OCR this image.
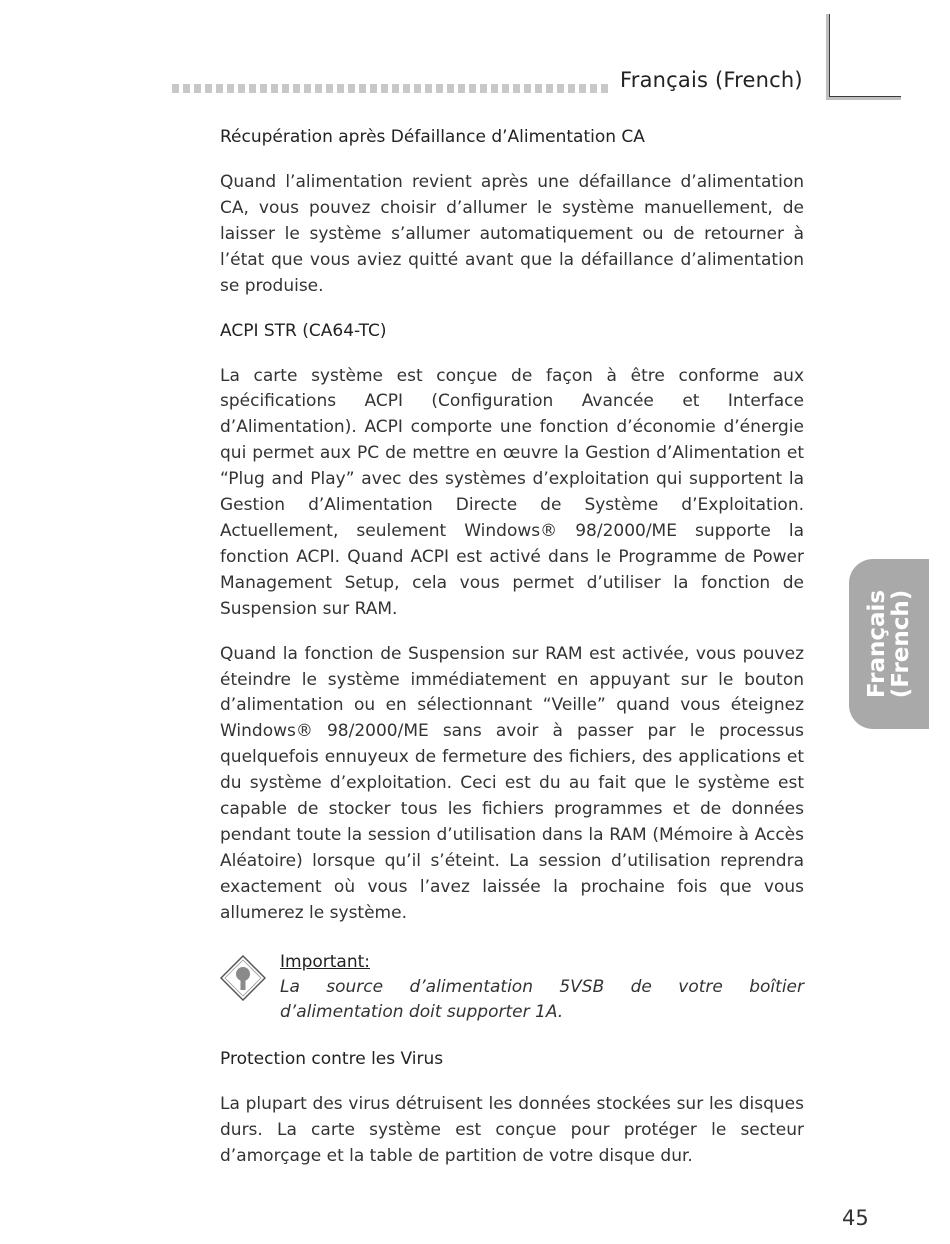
Français (French)
Récupération après Défaillance d’Alimentation CA

Quand l’alimentation revient après une défaillance d’alimentation CA, vous pouvez choisir d’allumer le système manuellement, de laisser le système s’allumer automatiquement ou de retourner à l’état que vous aviez quitté avant que la défaillance d’alimentation se produise.

ACPI STR (CA64-TC)

La carte système est conçue de façon à être conforme aux spécifications ACPI (Configuration Avancée et Interface d’Alimentation). ACPI comporte une fonction d’économie d’énergie qui permet aux PC de mettre en œuvre la Gestion d’Alimentation et “Plug and Play” avec des systèmes d’exploitation qui supportent la Gestion d’Alimentation Directe de Système d’Exploitation. Actuellement, seulement Windows® 98/2000/ME supporte la fonction ACPI. Quand ACPI est activé dans le Programme de Power Management Setup, cela vous permet d’utiliser la fonction de Suspension sur RAM.

Quand la fonction de Suspension sur RAM est activée, vous pouvez éteindre le système immédiatement en appuyant sur le bouton d’alimentation ou en sélectionnant “Veille” quand vous éteignez Windows® 98/2000/ME sans avoir à passer par le processus quelquefois ennuyeux de fermeture des fichiers, des applications et du système d’exploitation. Ceci est du au fait que le système est capable de stocker tous les fichiers programmes et de données pendant toute la session d’utilisation dans la RAM (Mémoire à Accès Aléatoire) lorsque qu’il s’éteint. La session d’utilisation reprendra exactement où vous l’avez laissée la prochaine fois que vous allumerez le système.

Important:
La source d’alimentation 5VSB de votre boîtier d’alimentation doit supporter 1A.
Protection contre les Virus

La plupart des virus détruisent les données stockées sur les disques durs. La carte système est conçue pour protéger le secteur d’amorçage et la table de partition de votre disque dur.

Français
(French)
45
